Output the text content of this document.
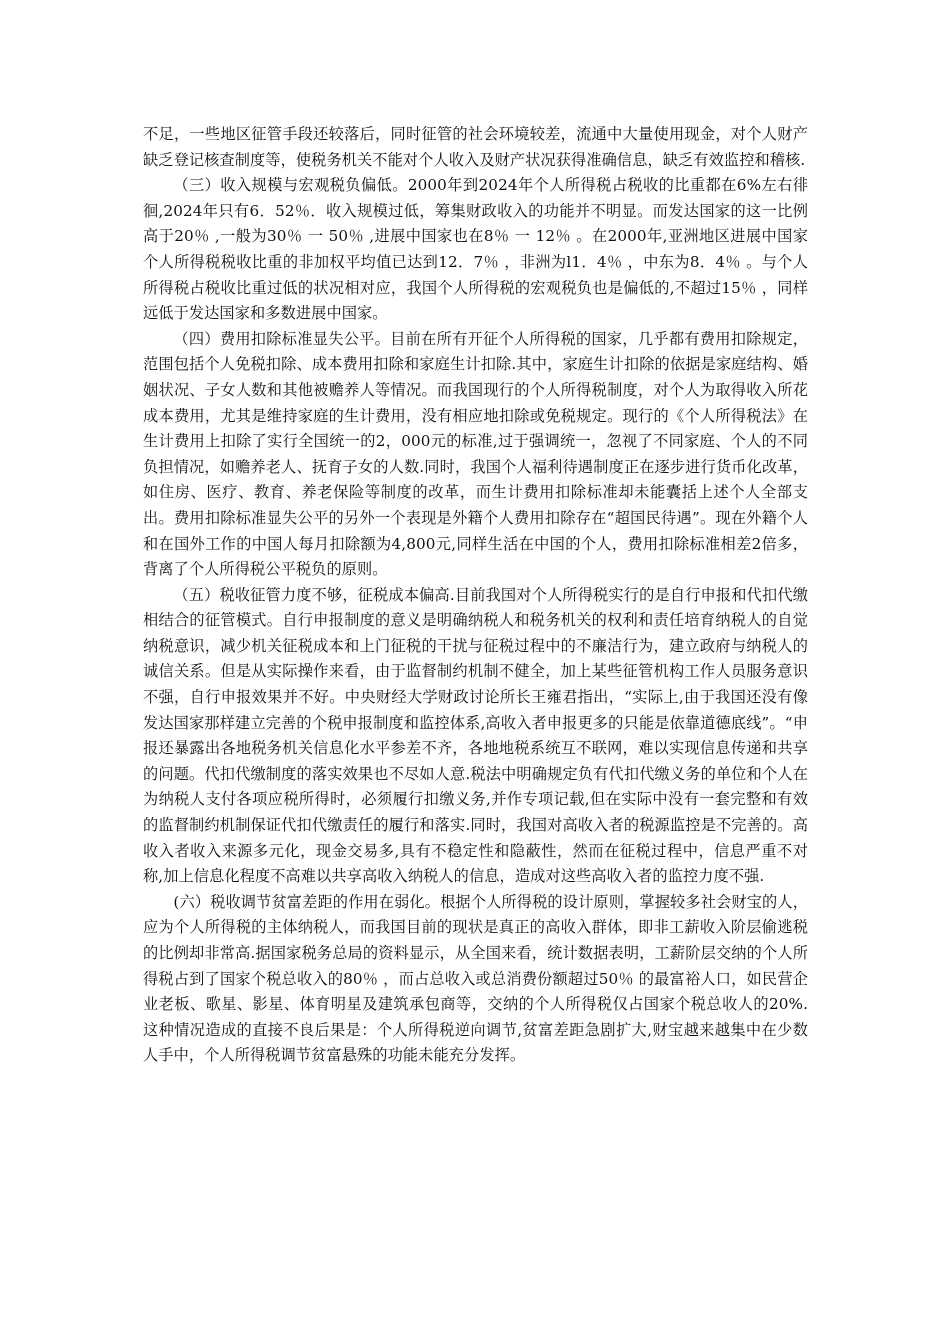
不足，一些地区征管手段还较落后，同时征管的社会环境较差，流通中大量使用现金，对个人财产缺乏登记核查制度等，使税务机关不能对个人收入及财产状况获得准确信息，缺乏有效监控和稽核.

（三）收入规模与宏观税负偏低。2000年到2024年个人所得税占税收的比重都在6%左右徘徊,2024年只有6．52％．收入规模过低，筹集财政收入的功能并不明显。而发达国家的这一比例高于20％ ,一般为30％ 一 50％ ,进展中国家也在8％ 一 12％ 。在2000年,亚洲地区进展中国家个人所得税税收比重的非加权平均值已达到12．7％ ，非洲为l1．4％ ，中东为8．4％ 。与个人所得税占税收比重过低的状况相对应，我国个人所得税的宏观税负也是偏低的,不超过15％ ，同样远低于发达国家和多数进展中国家。

（四）费用扣除标准显失公平。目前在所有开征个人所得税的国家，几乎都有费用扣除规定，范围包括个人免税扣除、成本费用扣除和家庭生计扣除.其中，家庭生计扣除的依据是家庭结构、婚姻状况、子女人数和其他被赡养人等情况。而我国现行的个人所得税制度，对个人为取得收入所花成本费用，尤其是维持家庭的生计费用，没有相应地扣除或免税规定。现行的《个人所得税法》在生计费用上扣除了实行全国统一的2，000元的标准,过于强调统一，忽视了不同家庭、个人的不同负担情况，如赡养老人、抚育子女的人数.同时，我国个人福利待遇制度正在逐步进行货币化改革，如住房、医疗、教育、养老保险等制度的改革，而生计费用扣除标准却未能囊括上述个人全部支出。费用扣除标准显失公平的另外一个表现是外籍个人费用扣除存在“超国民待遇”。现在外籍个人和在国外工作的中国人每月扣除额为4,800元,同样生活在中国的个人，费用扣除标准相差2倍多，背离了个人所得税公平税负的原则。

（五）税收征管力度不够，征税成本偏高.目前我国对个人所得税实行的是自行申报和代扣代缴相结合的征管模式。自行申报制度的意义是明确纳税人和税务机关的权利和责任培育纳税人的自觉纳税意识，减少机关征税成本和上门征税的干扰与征税过程中的不廉洁行为，建立政府与纳税人的诚信关系。但是从实际操作来看，由于监督制约机制不健全，加上某些征管机构工作人员服务意识不强，自行申报效果并不好。中央财经大学财政讨论所长王雍君指出，“实际上,由于我国还没有像发达国家那样建立完善的个税申报制度和监控体系,高收入者申报更多的只能是依靠道德底线”。“申报还暴露出各地税务机关信息化水平参差不齐，各地地税系统互不联网，难以实现信息传递和共享的问题。代扣代缴制度的落实效果也不尽如人意.税法中明确规定负有代扣代缴义务的单位和个人在为纳税人支付各项应税所得时，必须履行扣缴义务,并作专项记载,但在实际中没有一套完整和有效的监督制约机制保证代扣代缴责任的履行和落实.同时，我国对高收入者的税源监控是不完善的。高收入者收入来源多元化，现金交易多,具有不稳定性和隐蔽性，然而在征税过程中，信息严重不对称,加上信息化程度不高难以共享高收入纳税人的信息，造成对这些高收入者的监控力度不强.

(六）税收调节贫富差距的作用在弱化。根据个人所得税的设计原则，掌握较多社会财宝的人，应为个人所得税的主体纳税人，而我国目前的现状是真正的高收入群体，即非工薪收入阶层偷逃税的比例却非常高.据国家税务总局的资料显示，从全国来看，统计数据表明，工薪阶层交纳的个人所得税占到了国家个税总收入的80％ ，而占总收入或总消费份额超过50％ 的最富裕人口，如民营企业老板、歌星、影星、体育明星及建筑承包商等，交纳的个人所得税仅占国家个税总收人的20%.这种情况造成的直接不良后果是：个人所得税逆向调节,贫富差距急剧扩大,财宝越来越集中在少数人手中，个人所得税调节贫富悬殊的功能未能充分发挥。
